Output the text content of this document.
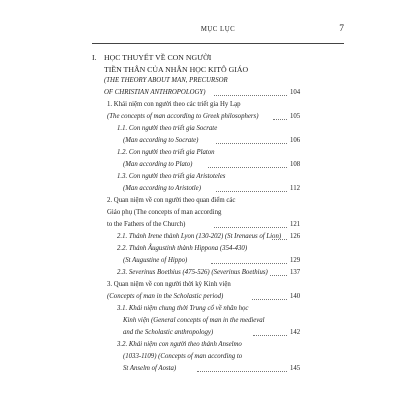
MỤC LỤC	7
I. HỌC THUYẾT VỀ CON NGƯỜI
TIỀN THÂN CỦA NHÂN HỌC KITÔ GIÁO
(THE THEORY ABOUT MAN, PRECURSOR
OF CHRISTIAN ANTHROPOLOGY)	104
1. Khái niệm con người theo các triết gia Hy Lạp
(The concepts of man according to Greek philosophers)	105
1.1. Con người theo triết gia Socrate
(Man according to Socrate)	106
1.2. Con người theo triết gia Platon
(Man according to Plato)	108
1.3. Con người theo triết gia Aristoteles
(Man according to Aristotle)	112
2. Quan niệm về con người theo quan điểm các
Giáo phụ (The concepts of man according
to the Fathers of the Church)	121
2.1. Thánh Irene thành Lyon (130-202) (St Irenaeus of Lion) 126
2.2. Thánh Âugustinh thành Hippona (354-430)
(St Augustine of Hippo)	129
2.3. Severinus Boethius (475-526) (Severinus Boethius)	137
3. Quan niệm về con người thời kỳ Kinh viện
(Concepts of man in the Scholastic period)	140
3.1. Khái niệm chung thời Trung cổ về nhân học
Kinh viện (General concepts of man in the medieval
and the Scholastic anthropology)	142
3.2. Khái niệm con người theo thánh Anselmo
(1033-1109) (Concepts of man according to
St Anselm of Aosta)	145
